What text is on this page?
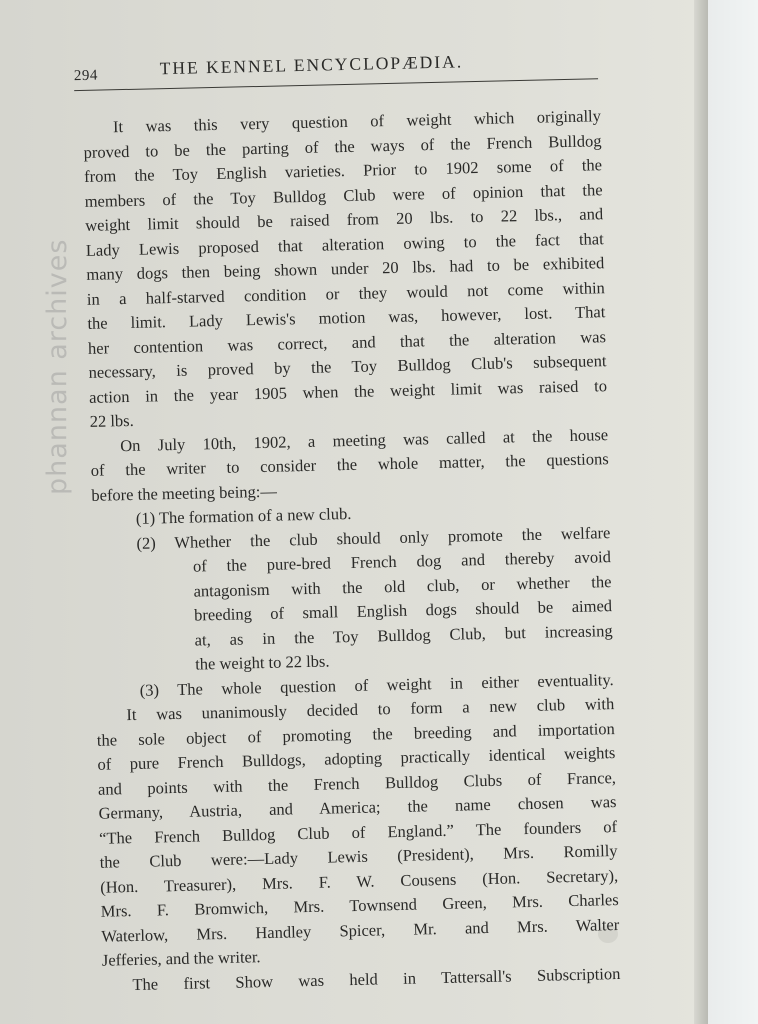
phannan archives
294	THE KENNEL ENCYCLOPÆDIA.
It was this very question of weight which originally
proved to be the parting of the ways of the French Bulldog
from the Toy English varieties. Prior to 1902 some of the
members of the Toy Bulldog Club were of opinion that the
weight limit should be raised from 20 lbs. to 22 lbs., and
Lady Lewis proposed that alteration owing to the fact that
many dogs then being shown under 20 lbs. had to be exhibited
in a half-starved condition or they would not come within
the limit. Lady Lewis's motion was, however, lost. That
her contention was correct, and that the alteration was
necessary, is proved by the Toy Bulldog Club's subsequent
action in the year 1905 when the weight limit was raised to
22 lbs.
On July 10th, 1902, a meeting was called at the house
of the writer to consider the whole matter, the questions
before the meeting being:—
(1) The formation of a new club.
(2) Whether the club should only promote the welfare
of the pure-bred French dog and thereby avoid
antagonism with the old club, or whether the
breeding of small English dogs should be aimed
at, as in the Toy Bulldog Club, but increasing
the weight to 22 lbs.
(3) The whole question of weight in either eventuality.
It was unanimously decided to form a new club with
the sole object of promoting the breeding and importation
of pure French Bulldogs, adopting practically identical weights
and points with the French Bulldog Clubs of France,
Germany, Austria, and America; the name chosen was
“The French Bulldog Club of England.” The founders of
the Club were:—Lady Lewis (President), Mrs. Romilly
(Hon. Treasurer), Mrs. F. W. Cousens (Hon. Secretary),
Mrs. F. Bromwich, Mrs. Townsend Green, Mrs. Charles
Waterlow, Mrs. Handley Spicer, Mr. and Mrs. Walter
Jefferies, and the writer.
The first Show was held in Tattersall's Subscription
